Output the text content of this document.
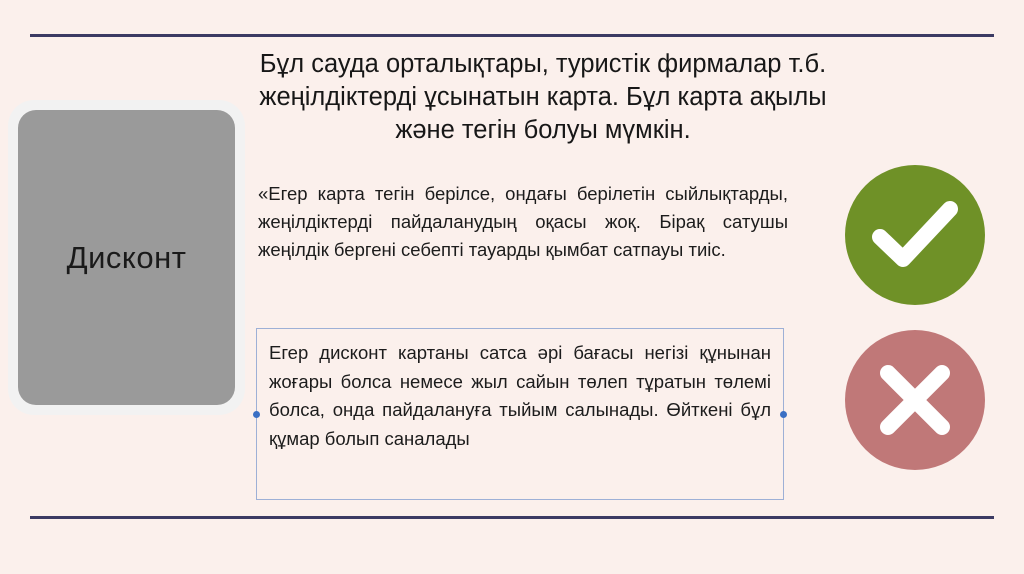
Дисконт
Бұл сауда орталықтары, туристік фирмалар т.б. жеңілдіктерді ұсынатын карта. Бұл карта ақылы және тегін болуы мүмкін.
«Егер карта тегін берілсе, ондағы берілетін сыйлықтарды, жеңілдіктерді пайдаланудың оқасы жоқ. Бірақ сатушы жеңілдік бергені себепті тауарды қымбат сатпауы тиіс.

Егер дисконт картаны сатса әрі бағасы негізі құнынан жоғары болса немесе жыл сайын төлеп тұратын төлемі болса, онда пайдалануға тыйым салынады. Өйткені бұл құмар болып саналады
